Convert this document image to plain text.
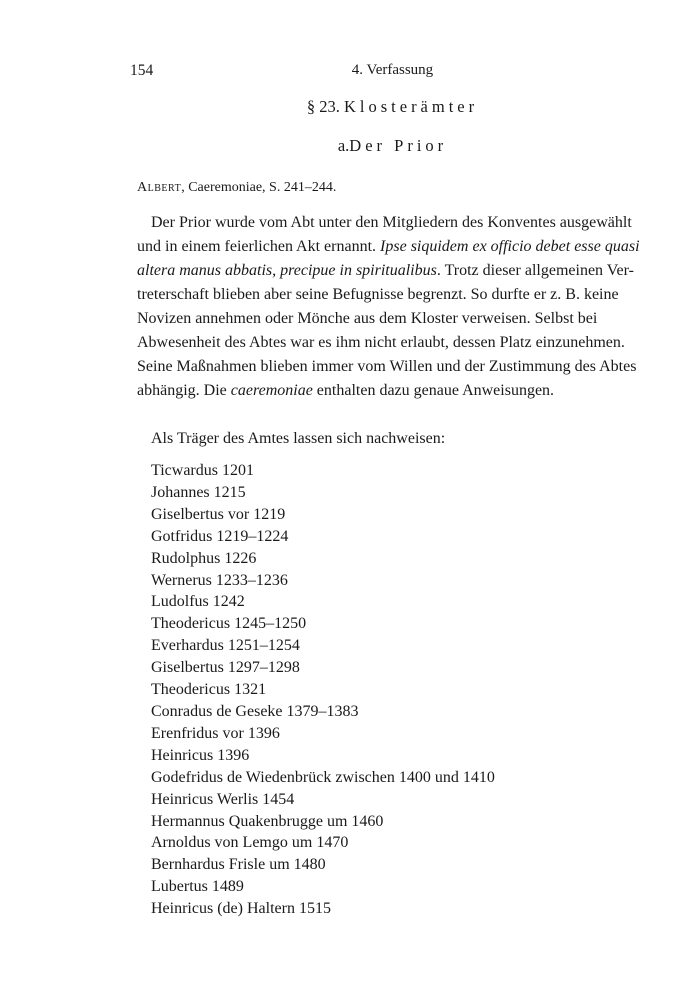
154	4. Verfassung
§ 23. Klosterämter
a.Der Prior
Albert, Caeremoniae, S. 241–244.
Der Prior wurde vom Abt unter den Mitgliedern des Konventes ausgewählt
und in einem feierlichen Akt ernannt. Ipse siquidem ex officio debet esse quasi
altera manus abbatis, precipue in spiritualibus. Trotz dieser allgemeinen Ver-
treterschaft blieben aber seine Befugnisse begrenzt. So durfte er z. B. keine
Novizen annehmen oder Mönche aus dem Kloster verweisen. Selbst bei
Abwesenheit des Abtes war es ihm nicht erlaubt, dessen Platz einzunehmen.
Seine Maßnahmen blieben immer vom Willen und der Zustimmung des Abtes
abhängig. Die caeremoniae enthalten dazu genaue Anweisungen.
Als Träger des Amtes lassen sich nachweisen:
Ticwardus 1201
Johannes 1215
Giselbertus vor 1219
Gotfridus 1219–1224
Rudolphus 1226
Wernerus 1233–1236
Ludolfus 1242
Theodericus 1245–1250
Everhardus 1251–1254
Giselbertus 1297–1298
Theodericus 1321
Conradus de Geseke 1379–1383
Erenfridus vor 1396
Heinricus 1396
Godefridus de Wiedenbrück zwischen 1400 und 1410
Heinricus Werlis 1454
Hermannus Quakenbrugge um 1460
Arnoldus von Lemgo um 1470
Bernhardus Frisle um 1480
Lubertus 1489
Heinricus (de) Haltern 1515
